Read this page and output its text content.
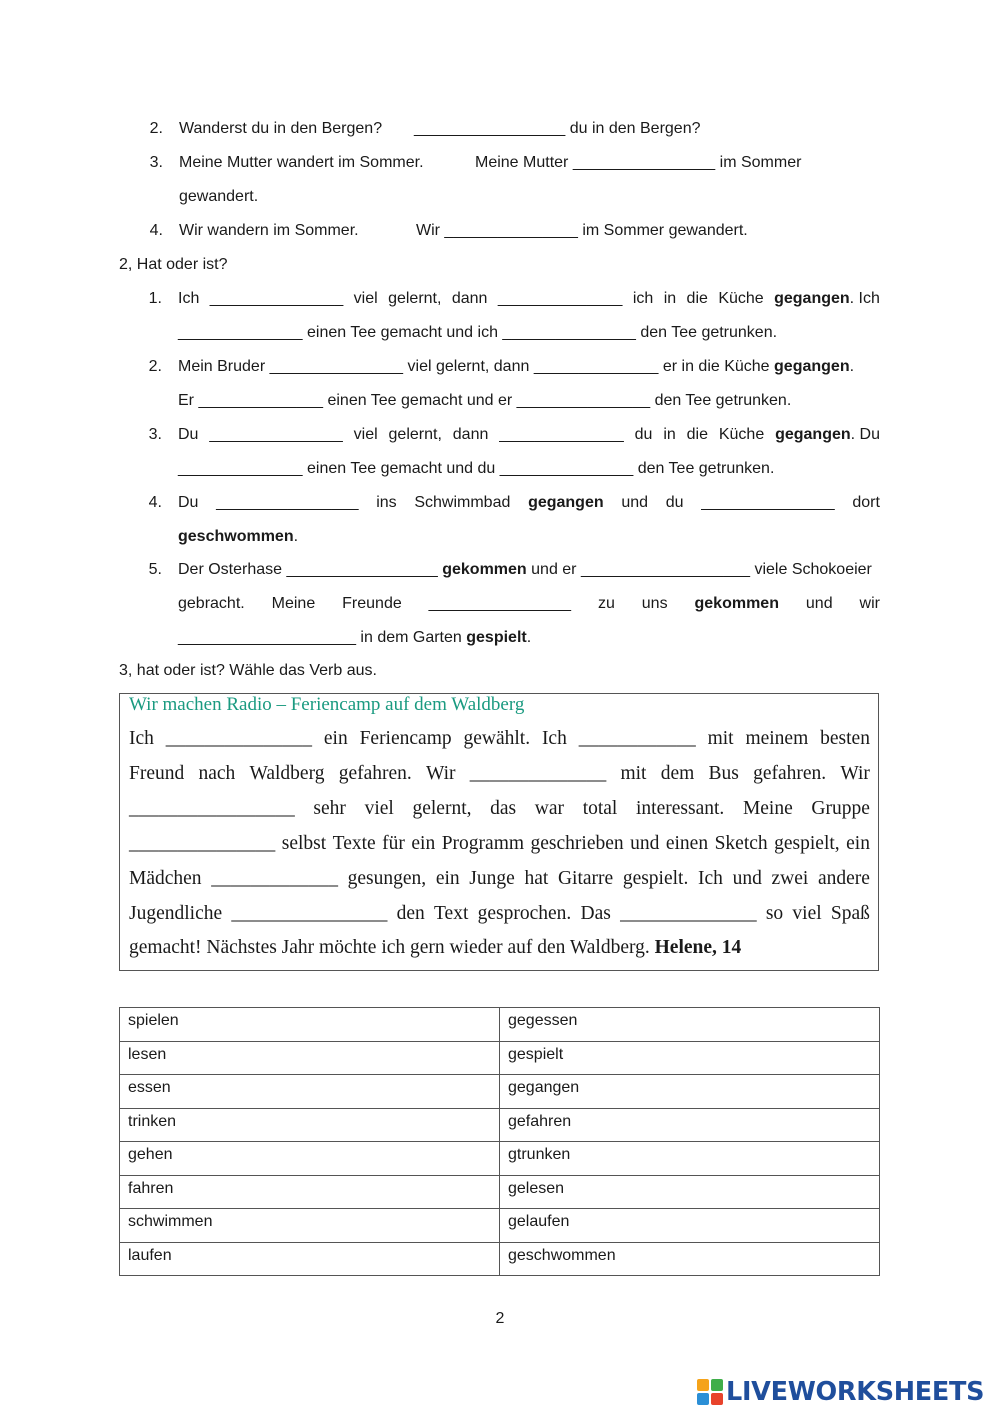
2. Wanderst du in den Bergen? _________________ du in den Bergen?
3. Meine Mutter wandert im Sommer.	Meine Mutter ________________ im Sommer
gewandert.
4. Wir wandern im Sommer.	Wir _______________ im Sommer gewandert.
2, Hat oder ist?
1. Ich _______________ viel gelernt, dann ______________ ich in die Küche gegangen. Ich
______________ einen Tee gemacht und ich _______________ den Tee getrunken.
2. Mein Bruder _______________ viel gelernt, dann ______________ er in die Küche gegangen.
Er ______________ einen Tee gemacht und er _______________ den Tee getrunken.
3. Du _______________ viel gelernt, dann ______________ du in die Küche gegangen. Du
______________ einen Tee gemacht und du _______________ den Tee getrunken.
4. Du ________________ ins Schwimmbad gegangen und du _______________ dort
geschwommen.
5. Der Osterhase _________________ gekommen und er ___________________ viele Schokoeier
gebracht. Meine Freunde ________________ zu uns gekommen und wir
____________________ in dem Garten gespielt.
3, hat oder ist? Wähle das Verb aus.
Wir machen Radio – Feriencamp auf dem Waldberg
Ich _______________ ein Feriencamp gewählt. Ich ____________ mit meinem besten
Freund nach Waldberg gefahren. Wir ______________ mit dem Bus gefahren. Wir
_________________ sehr viel gelernt, das war total interessant. Meine Gruppe
_______________ selbst Texte für ein Programm geschrieben und einen Sketch gespielt, ein
Mädchen _____________ gesungen, ein Junge hat Gitarre gespielt. Ich und zwei andere
Jugendliche ________________ den Text gesprochen. Das ______________ so viel Spaß
gemacht! Nächstes Jahr möchte ich gern wieder auf den Waldberg. Helene, 14
spielen	gegessen
lesen	gespielt
essen	gegangen
trinken	gefahren
gehen	gtrunken
fahren	gelesen
schwimmen	gelaufen
laufen	geschwommen
2
LIVEWORKSHEETS
